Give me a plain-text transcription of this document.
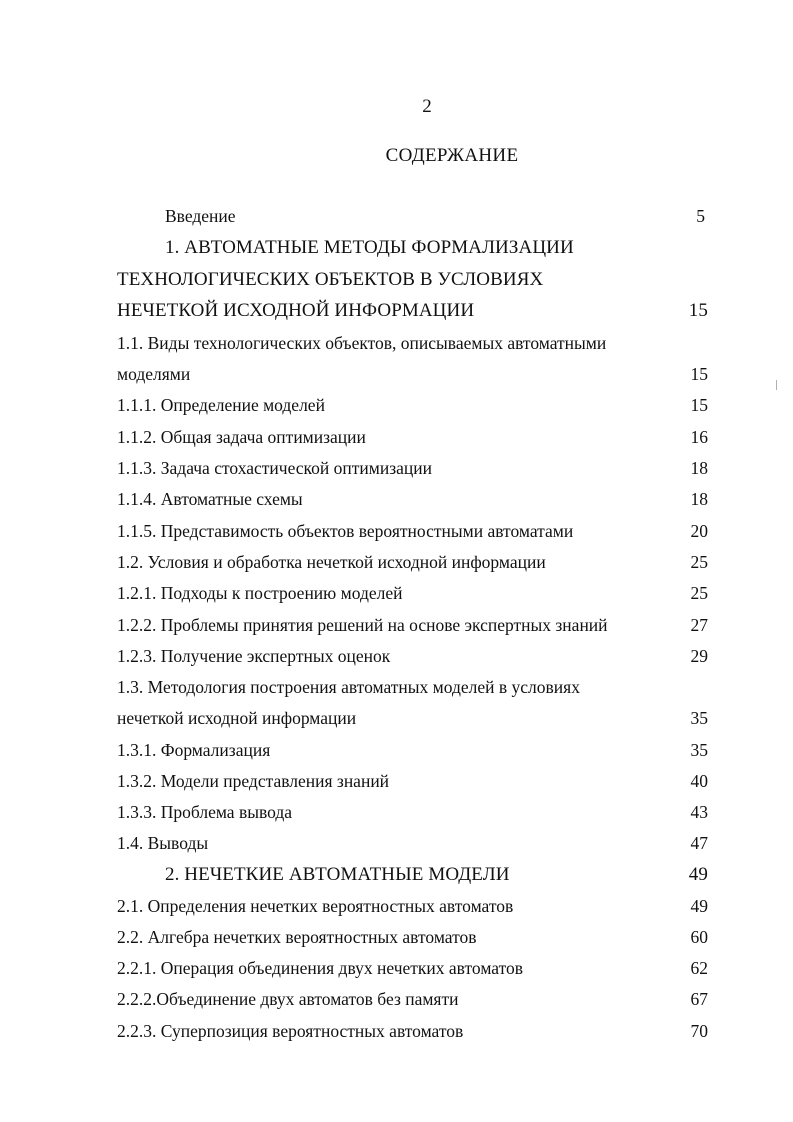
2
СОДЕРЖАНИЕ
Введение	5
1. АВТОМАТНЫЕ МЕТОДЫ ФОРМАЛИЗАЦИИ
ТЕХНОЛОГИЧЕСКИХ ОБЪЕКТОВ В УСЛОВИЯХ
НЕЧЕТКОЙ ИСХОДНОЙ ИНФОРМАЦИИ	15
1.1. Виды технологических объектов, описываемых автоматными
моделями	15
1.1.1. Определение моделей	15
1.1.2. Общая задача оптимизации	16
1.1.3. Задача стохастической оптимизации	18
1.1.4. Автоматные схемы	18
1.1.5. Представимость объектов вероятностными автоматами	20
1.2. Условия и обработка нечеткой исходной информации	25
1.2.1. Подходы к построению моделей	25
1.2.2. Проблемы принятия решений на основе экспертных знаний	27
1.2.3. Получение экспертных оценок	29
1.3. Методология построения автоматных моделей в условиях
нечеткой исходной информации	35
1.3.1. Формализация	35
1.3.2. Модели представления знаний	40
1.3.3. Проблема вывода	43
1.4. Выводы	47
2. НЕЧЕТКИЕ АВТОМАТНЫЕ МОДЕЛИ	49
2.1. Определения нечетких вероятностных автоматов	49
2.2. Алгебра нечетких вероятностных автоматов	60
2.2.1. Операция объединения двух нечетких автоматов	62
2.2.2.Объединение двух автоматов без памяти	67
2.2.3. Суперпозиция вероятностных автоматов	70
